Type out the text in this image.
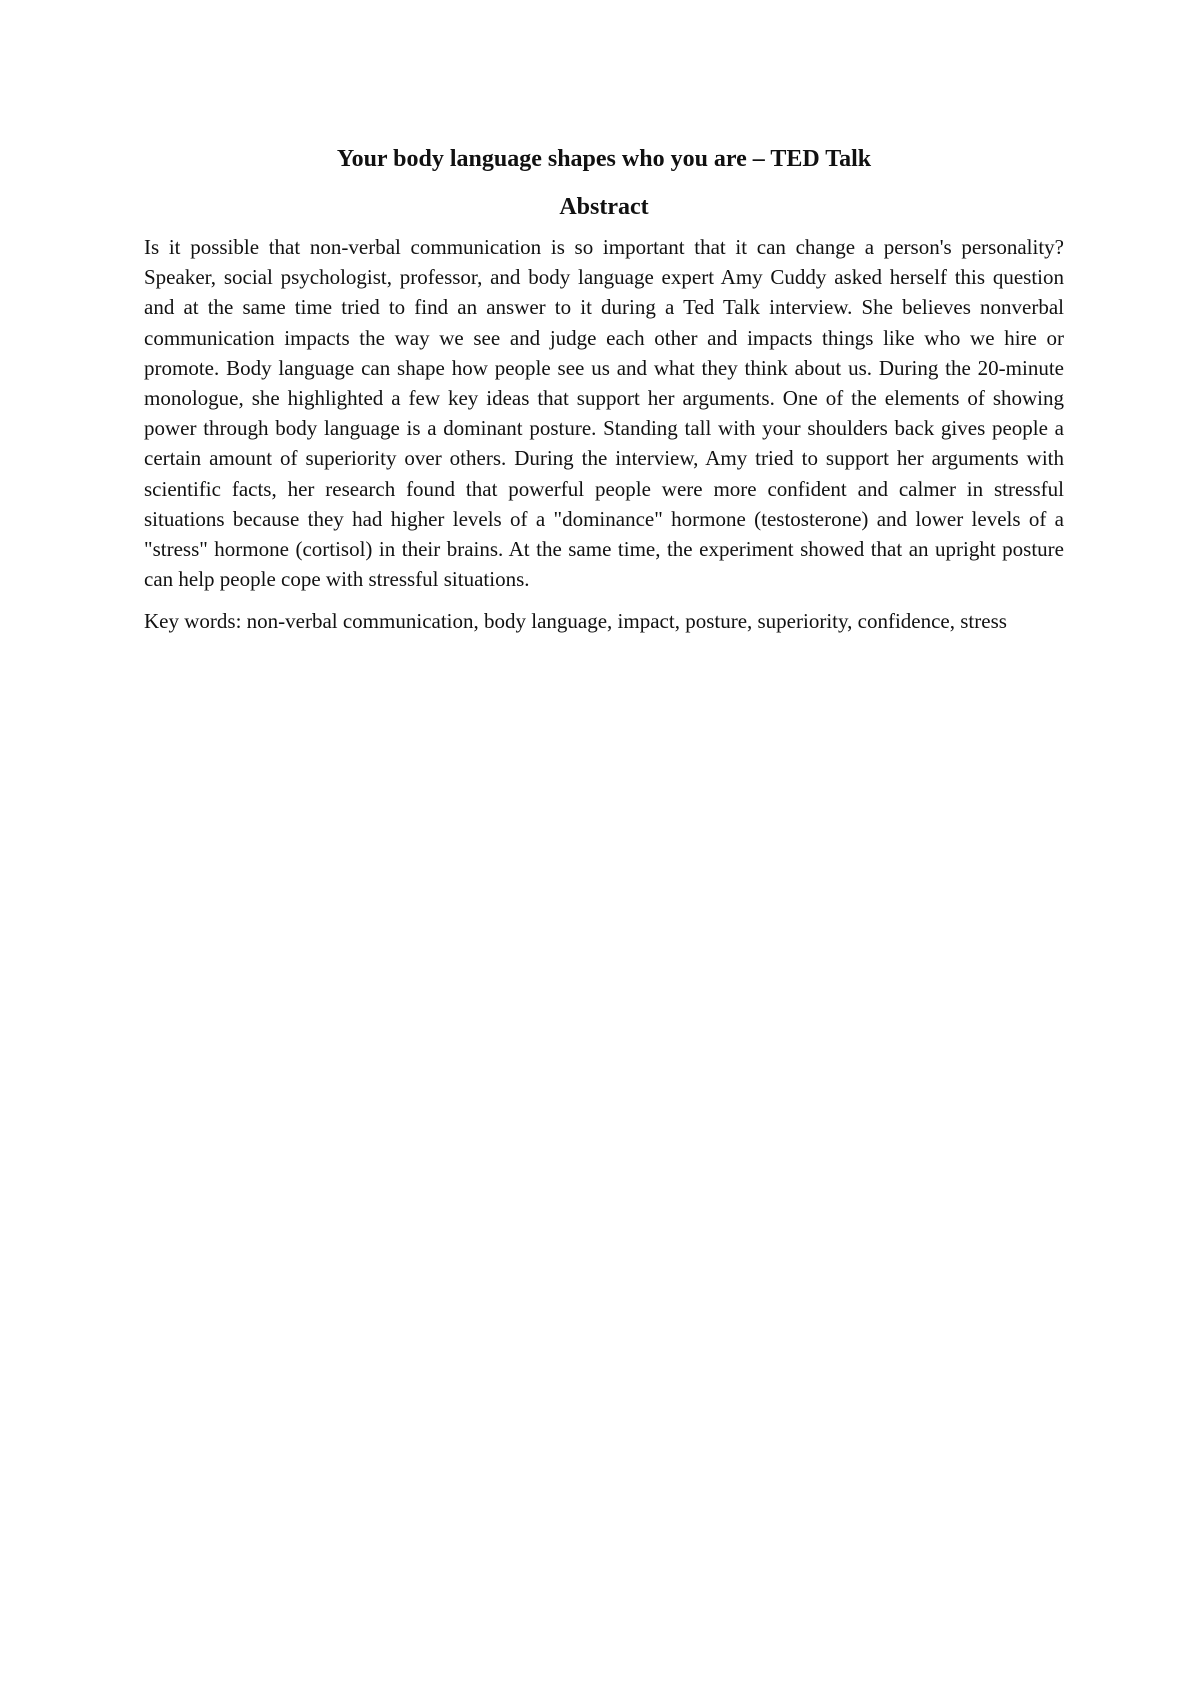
Your body language shapes who you are – TED Talk
Abstract

Is it possible that non-verbal communication is so important that it can change a person's personality? Speaker, social psychologist, professor, and body language expert Amy Cuddy asked herself this question and at the same time tried to find an answer to it during a Ted Talk interview. She believes nonverbal communication impacts the way we see and judge each other and impacts things like who we hire or promote. Body language can shape how people see us and what they think about us. During the 20-minute monologue, she highlighted a few key ideas that support her arguments. One of the elements of showing power through body language is a dominant posture. Standing tall with your shoulders back gives people a certain amount of superiority over others. During the interview, Amy tried to support her arguments with scientific facts, her research found that powerful people were more confident and calmer in stressful situations because they had higher levels of a "dominance" hormone (testosterone) and lower levels of a "stress" hormone (cortisol) in their brains. At the same time, the experiment showed that an upright posture can help people cope with stressful situations.

Key words: non-verbal communication, body language, impact, posture, superiority, confidence, stress
